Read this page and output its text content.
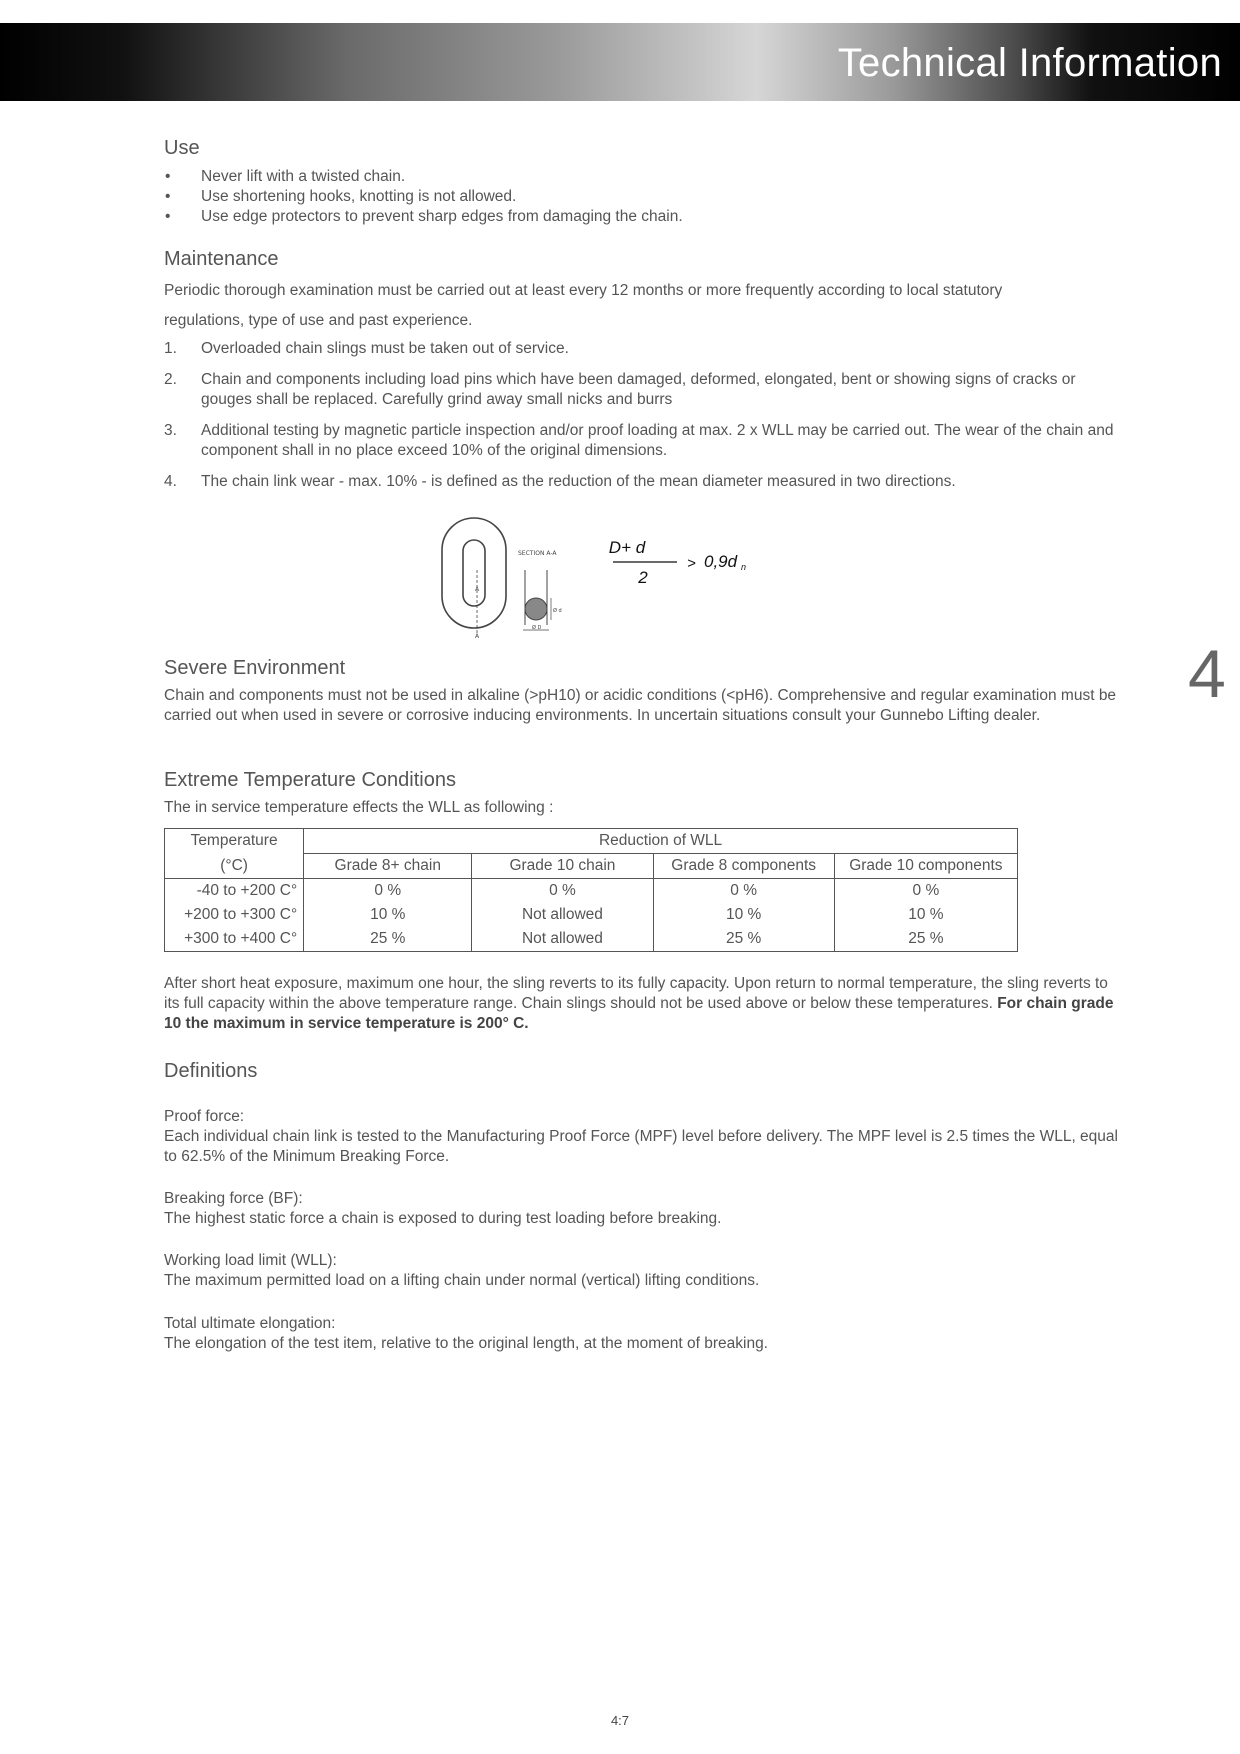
Technical Information
Use
• Never lift with a twisted chain.
• Use shortening hooks, knotting is not allowed.
• Use edge protectors to prevent sharp edges from damaging the chain.
Maintenance

Periodic thorough examination must be carried out at least every 12 months or more frequently according to local statutory
regulations, type of use and past experience.

1. Overloaded chain slings must be taken out of service.
2. Chain and components including load pins which have been damaged, deformed, elongated, bent or showing signs of cracks or gouges shall be replaced. Carefully grind away small nicks and burrs
3. Additional testing by magnetic particle inspection and/or proof loading at max. 2 x WLL may be carried out. The wear of the chain and component shall in no place exceed 10% of the original dimensions.
4. The chain link wear - max. 10% - is defined as the reduction of the mean diameter measured in two directions.
Severe Environment

Chain and components must not be used in alkaline (>pH10) or acidic conditions (<pH6). Comprehensive and regular examination must be carried out when used in severe or corrosive inducing environments. In uncertain situations consult your Gunnebo Lifting dealer.

Extreme Temperature Conditions

The in service temperature effects the WLL as following :

Temperature	Reduction of WLL			
(°C)	Grade 8+ chain	Grade 10 chain	Grade 8 components	Grade 10 components
-40 to +200 C°	0 %	0 %	0 %	0 %
+200 to +300 C°	10 %	Not allowed	10 %	10 %
+300 to +400 C°	25 %	Not allowed	25 %	25 %

After short heat exposure, maximum one hour, the sling reverts to its fully capacity. Upon return to normal temperature, the sling reverts to its full capacity within the above temperature range. Chain slings should not be used above or below these temperatures. For chain grade 10 the maximum in service temperature is 200° C.

Definitions
Proof force:

Each individual chain link is tested to the Manufacturing Proof Force (MPF) level before delivery. The MPF level is 2.5 times the WLL, equal to 62.5% of the Minimum Breaking Force.

Breaking force (BF):

The highest static force a chain is exposed to during test loading before breaking.

Working load limit (WLL):

The maximum permitted load on a lifting chain under normal (vertical) lifting conditions.

Total ultimate elongation:

The elongation of the test item, relative to the original length, at the moment of breaking.

A
A
SECTION A-A
Ø d
Ø D
D+ d
2
> 0,9d n
4
4:7
